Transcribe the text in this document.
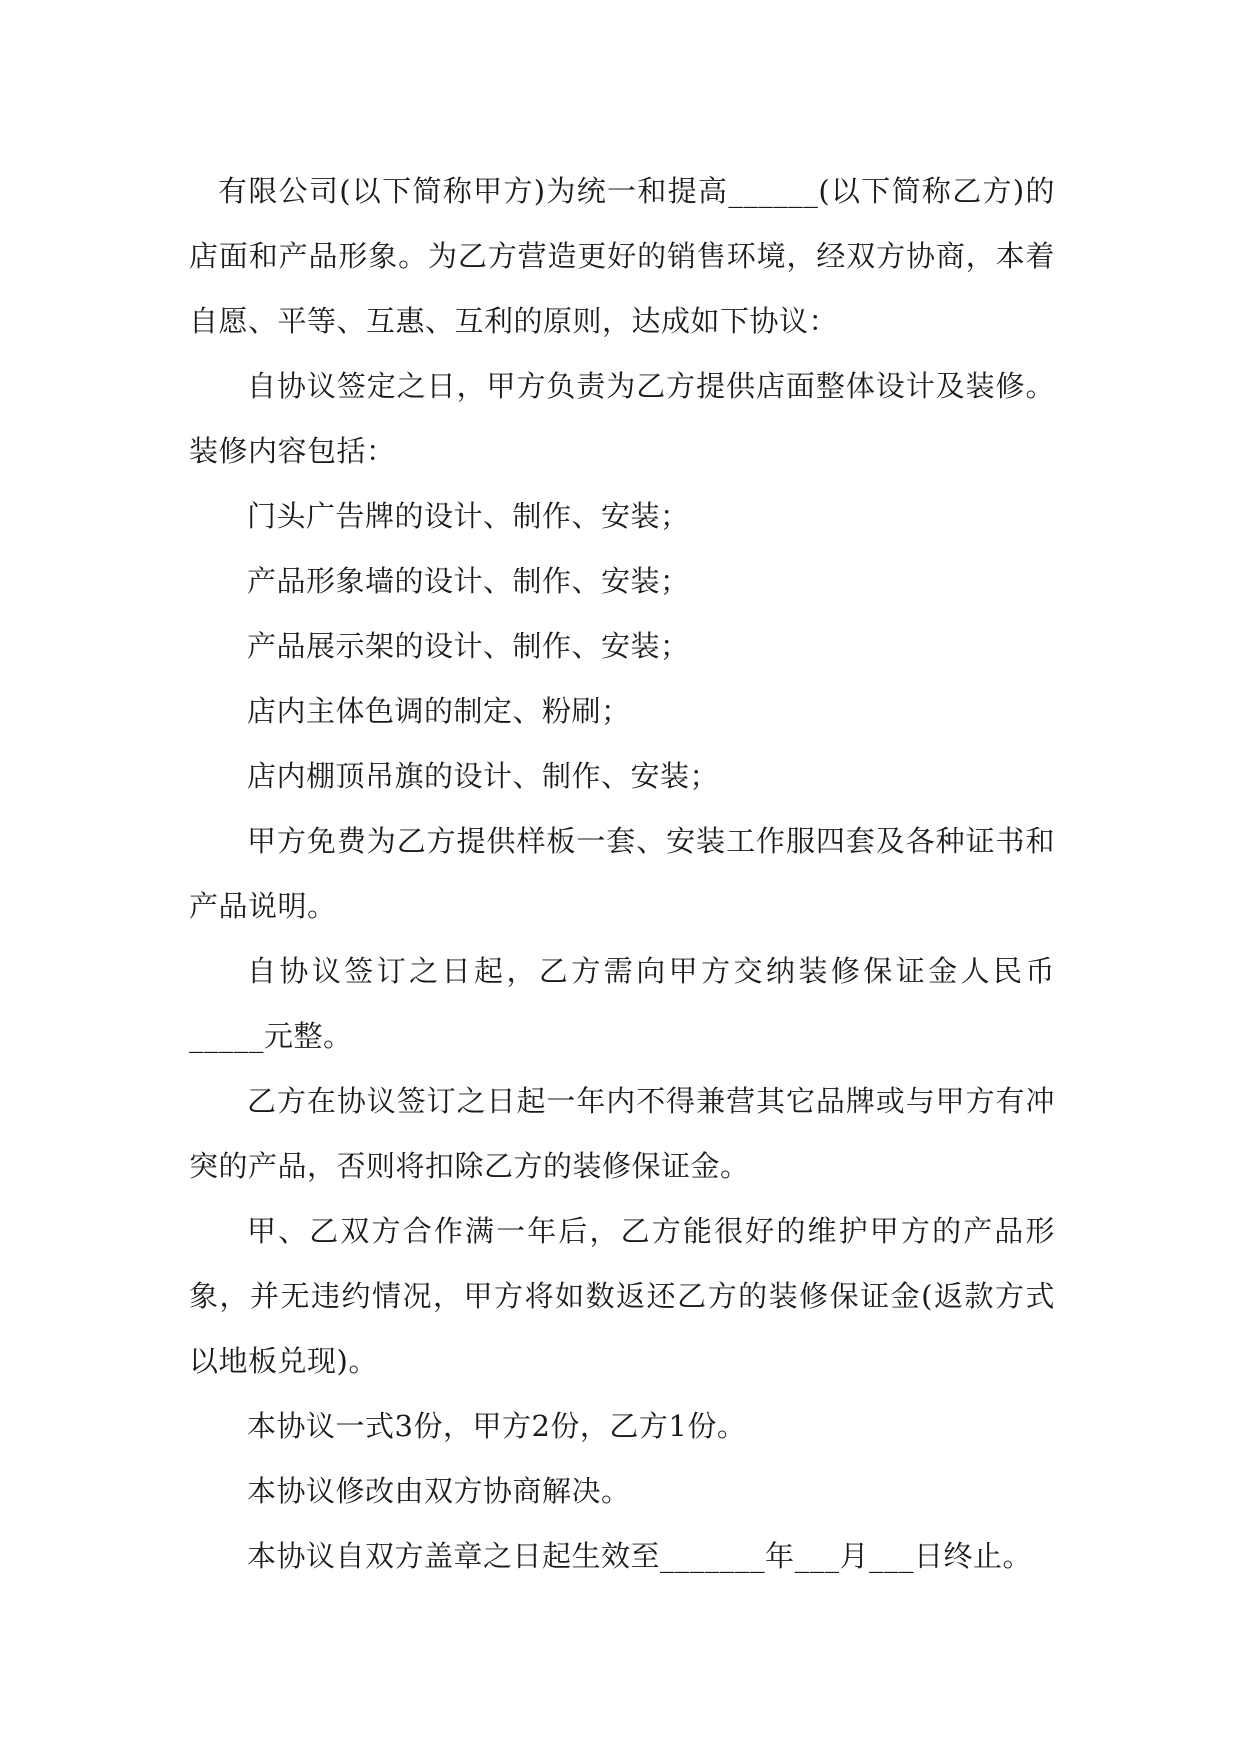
有限公司(以下简称甲方)为统一和提高______(以下简称乙方)的店面和产品形象。为乙方营造更好的销售环境，经双方协商，本着自愿、平等、互惠、互利的原则，达成如下协议：

自协议签定之日，甲方负责为乙方提供店面整体设计及装修。装修内容包括：

门头广告牌的设计、制作、安装；

产品形象墙的设计、制作、安装；

产品展示架的设计、制作、安装；

店内主体色调的制定、粉刷；

店内棚顶吊旗的设计、制作、安装；

甲方免费为乙方提供样板一套、安装工作服四套及各种证书和产品说明。

自协议签订之日起，乙方需向甲方交纳装修保证金人民币_____元整。

乙方在协议签订之日起一年内不得兼营其它品牌或与甲方有冲突的产品，否则将扣除乙方的装修保证金。

甲、乙双方合作满一年后，乙方能很好的维护甲方的产品形象，并无违约情况，甲方将如数返还乙方的装修保证金(返款方式以地板兑现)。

本协议一式3份，甲方2份，乙方1份。

本协议修改由双方协商解决。

本协议自双方盖章之日起生效至_______年___月___日终止。
